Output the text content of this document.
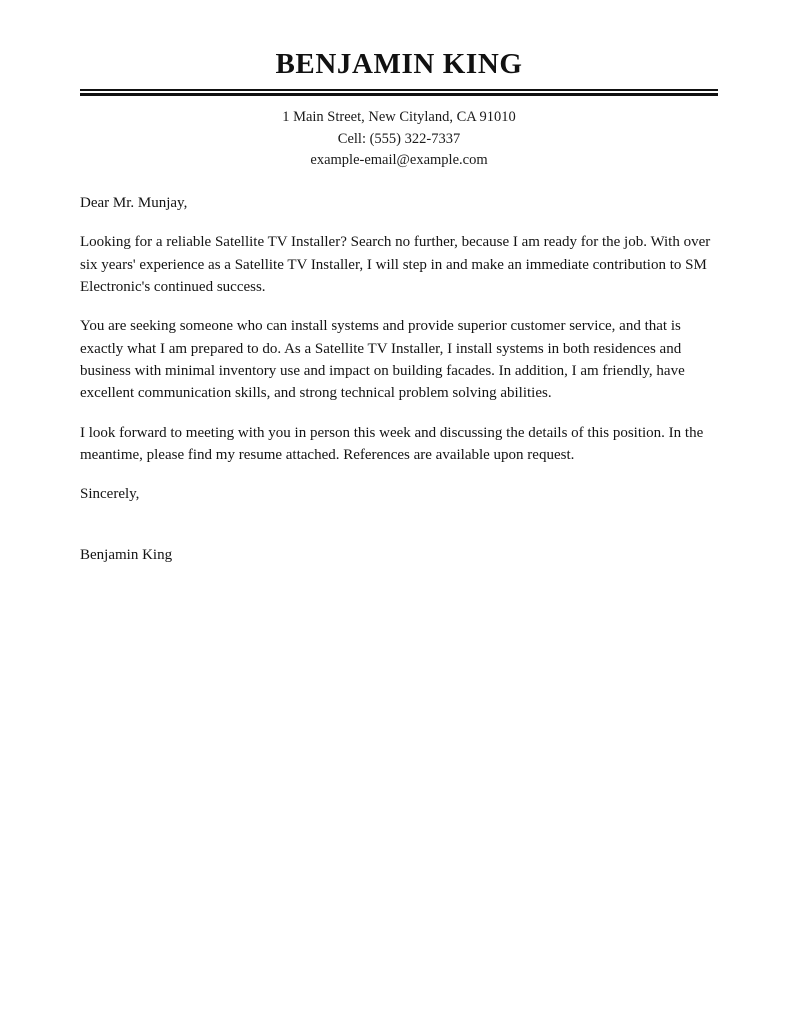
BENJAMIN KING
1 Main Street, New Cityland, CA 91010
Cell: (555) 322-7337
example-email@example.com

Dear Mr. Munjay,

Looking for a reliable Satellite TV Installer? Search no further, because I am ready for the job. With over six years' experience as a Satellite TV Installer, I will step in and make an immediate contribution to SM Electronic's continued success.

You are seeking someone who can install systems and provide superior customer service, and that is exactly what I am prepared to do. As a Satellite TV Installer, I install systems in both residences and business with minimal inventory use and impact on building facades. In addition, I am friendly, have excellent communication skills, and strong technical problem solving abilities.

I look forward to meeting with you in person this week and discussing the details of this position. In the meantime, please find my resume attached. References are available upon request.

Sincerely,

Benjamin King
